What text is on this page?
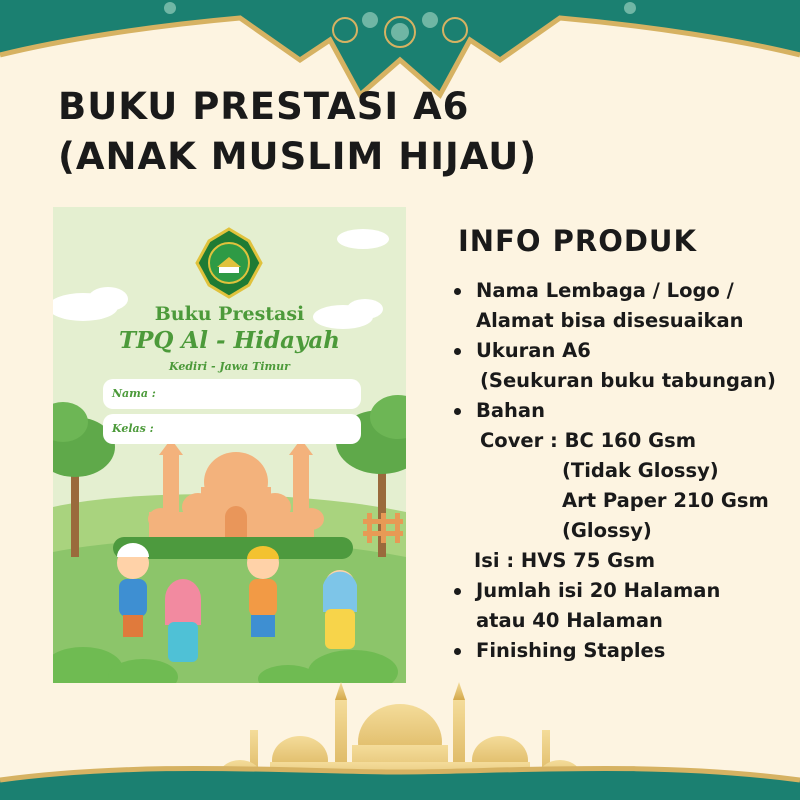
BUKU PRESTASI A6
(ANAK MUSLIM HIJAU)
Buku Prestasi
TPQ Al - Hidayah
Kediri - Jawa Timur
Nama :
Kelas :
INFO PRODUK
Nama Lembaga / Logo /
Alamat bisa disesuaikan
Ukuran A6
(Seukuran buku tabungan)
Bahan
Cover : BC 160 Gsm
(Tidak Glossy)
Art Paper 210 Gsm
(Glossy)
Isi : HVS 75 Gsm
Jumlah isi 20 Halaman
atau 40 Halaman
Finishing Staples
